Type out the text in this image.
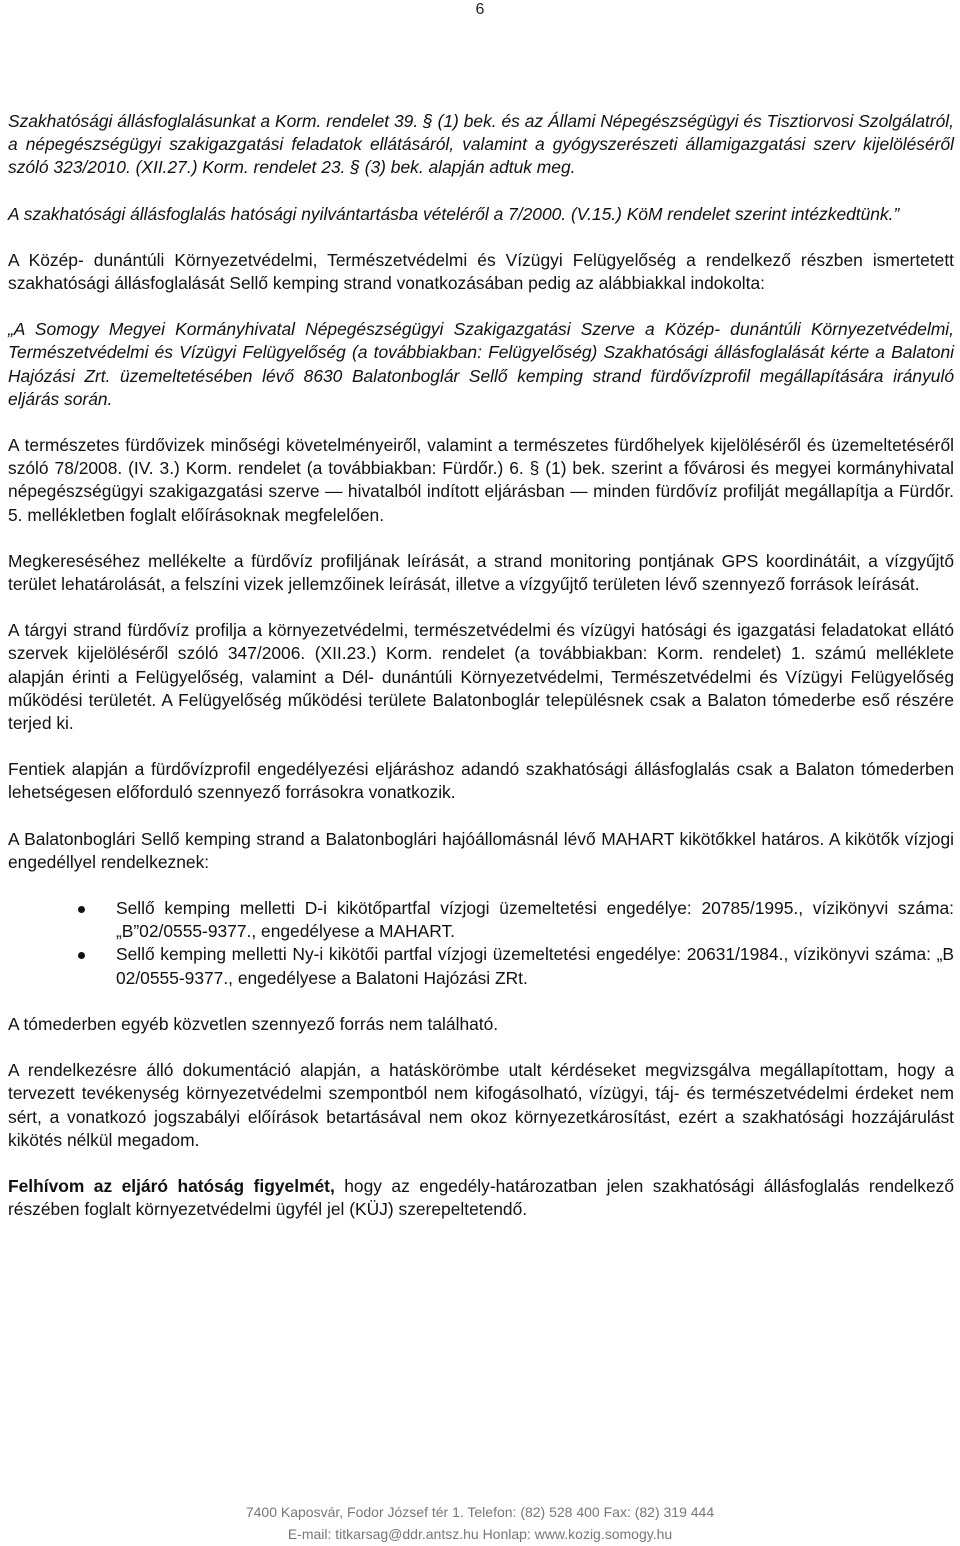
6

Szakhatósági állásfoglalásunkat a Korm. rendelet 39. § (1) bek. és az Állami Népegészségügyi és Tisztiorvosi Szolgálatról, a népegészségügyi szakigazgatási feladatok ellátásáról, valamint a gyógyszerészeti államigazgatási szerv kijelöléséről szóló 323/2010. (XII.27.) Korm. rendelet 23. § (3) bek. alapján adtuk meg.

A szakhatósági állásfoglalás hatósági nyilvántartásba vételéről a 7/2000. (V.15.) KöM rendelet szerint intézkedtünk.”

A Közép- dunántúli Környezetvédelmi, Természetvédelmi és Vízügyi Felügyelőség a rendelkező részben ismertetett szakhatósági állásfoglalását Sellő kemping strand vonatkozásában pedig az alábbiakkal indokolta:

„A Somogy Megyei Kormányhivatal Népegészségügyi Szakigazgatási Szerve a Közép- dunántúli Környezetvédelmi, Természetvédelmi és Vízügyi Felügyelőség (a továbbiakban: Felügyelőség) Szakhatósági állásfoglalását kérte a Balatoni Hajózási Zrt. üzemeltetésében lévő 8630 Balatonboglár Sellő kemping strand fürdővízprofil megállapítására irányuló eljárás során.

A természetes fürdővizek minőségi követelményeiről, valamint a természetes fürdőhelyek kijelöléséről és üzemeltetéséről szóló 78/2008. (IV. 3.) Korm. rendelet (a továbbiakban: Fürdőr.) 6. § (1) bek. szerint a fővárosi és megyei kormányhivatal népegészségügyi szakigazgatási szerve — hivatalból indított eljárásban — minden fürdővíz profilját megállapítja a Fürdőr. 5. mellékletben foglalt előírásoknak megfelelően.

Megkereséséhez mellékelte a fürdővíz profiljának leírását, a strand monitoring pontjának GPS koordinátáit, a vízgyűjtő terület lehatárolását, a felszíni vizek jellemzőinek leírását, illetve a vízgyűjtő területen lévő szennyező források leírását.

A tárgyi strand fürdővíz profilja a környezetvédelmi, természetvédelmi és vízügyi hatósági és igazgatási feladatokat ellátó szervek kijelöléséről szóló 347/2006. (XII.23.) Korm. rendelet (a továbbiakban: Korm. rendelet) 1. számú melléklete alapján érinti a Felügyelőség, valamint a Dél- dunántúli Környezetvédelmi, Természetvédelmi és Vízügyi Felügyelőség működési területét. A Felügyelőség működési területe Balatonboglár településnek csak a Balaton tómederbe eső részére terjed ki.

Fentiek alapján a fürdővízprofil engedélyezési eljáráshoz adandó szakhatósági állásfoglalás csak a Balaton tómederben lehetségesen előforduló szennyező forrásokra vonatkozik.

A Balatonboglári Sellő kemping strand a Balatonboglári hajóállomásnál lévő MAHART kikötőkkel határos. A kikötők vízjogi engedéllyel rendelkeznek:

Sellő kemping melletti D-i kikötőpartfal vízjogi üzemeltetési engedélye: 20785/1995., vízikönyvi száma: „B”02/0555-9377., engedélyese a MAHART.
Sellő kemping melletti Ny-i kikötői partfal vízjogi üzemeltetési engedélye: 20631/1984., vízikönyvi száma: „B 02/0555-9377., engedélyese a Balatoni Hajózási ZRt.

A tómederben egyéb közvetlen szennyező forrás nem található.

A rendelkezésre álló dokumentáció alapján, a hatáskörömbe utalt kérdéseket megvizsgálva megállapítottam, hogy a tervezett tevékenység környezetvédelmi szempontból nem kifogásolható, vízügyi, táj- és természetvédelmi érdeket nem sért, a vonatkozó jogszabályi előírások betartásával nem okoz környezetkárosítást, ezért a szakhatósági hozzájárulást kikötés nélkül megadom.

Felhívom az eljáró hatóság figyelmét, hogy az engedély-határozatban jelen szakhatósági állásfoglalás rendelkező részében foglalt környezetvédelmi ügyfél jel (KÜJ) szerepeltetendő.

7400 Kaposvár, Fodor József tér 1. Telefon: (82) 528 400 Fax: (82) 319 444
E-mail: titkarsag@ddr.antsz.hu Honlap: www.kozig.somogy.hu
